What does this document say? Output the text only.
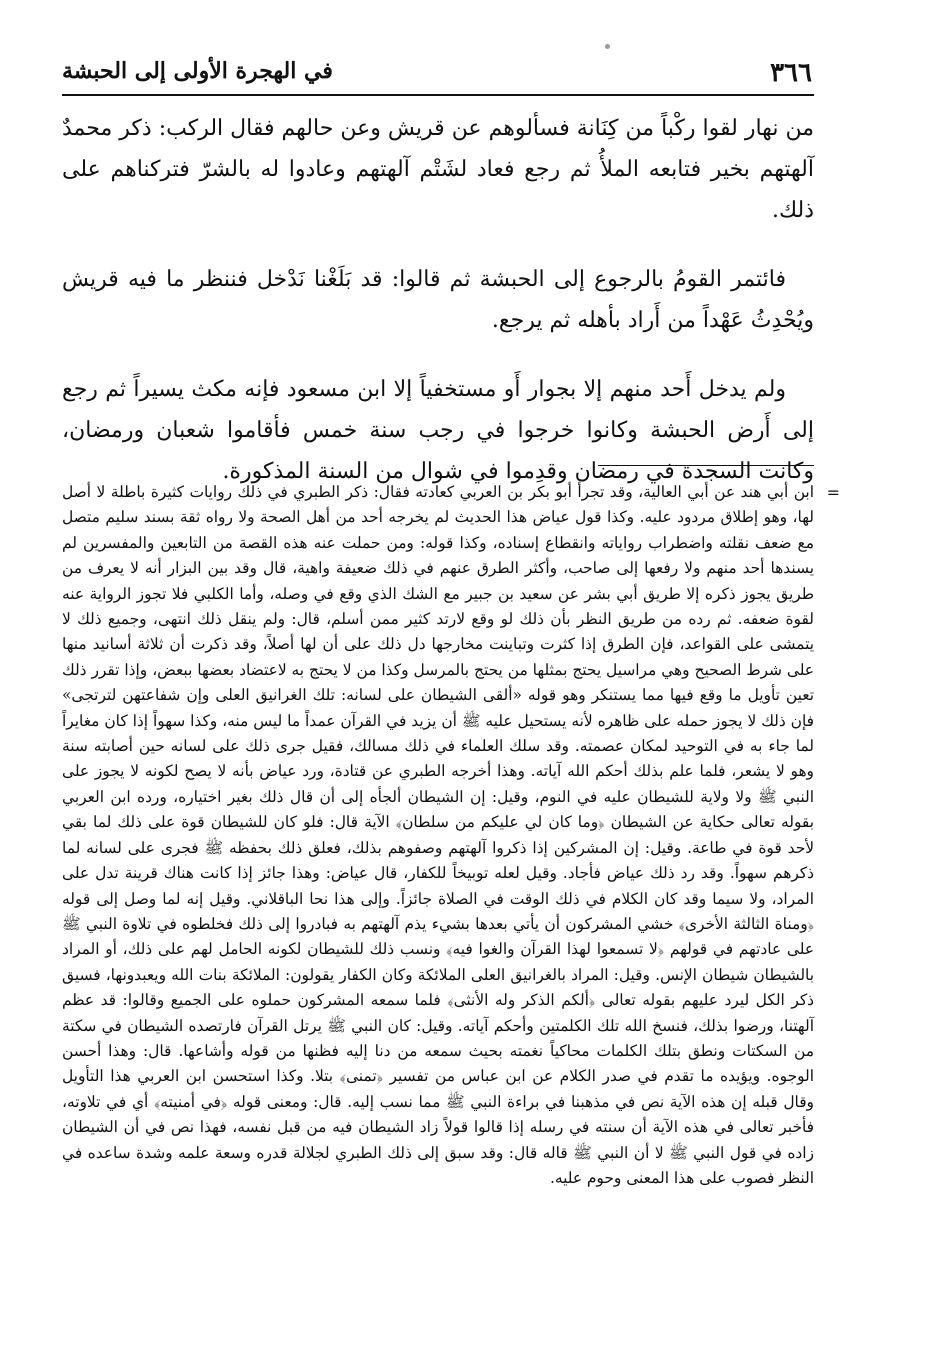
٣٦٦
في الهجرة الأولى إلى الحبشة

من نهار لقوا ركْباً من كِنَانة فسألوهم عن قريش وعن حالهم فقال الركب: ذكر محمدٌ آلهتهم بخير فتابعه الملأُ ثم رجع فعاد لشَتْم آلهتهم وعادوا له بالشرّ فتركناهم على ذلك.

فائتمر القومُ بالرجوع إلى الحبشة ثم قالوا: قد بَلَغْنا نَدْخل فننظر ما فيه قريش ويُحْدِثُ عَهْداً من أَراد بأهله ثم يرجع.

ولم يدخل أَحد منهم إلا بجوار أَو مستخفياً إلا ابن مسعود فإنه مكث يسيراً ثم رجع إلى أَرض الحبشة وكانوا خرجوا في رجب سنة خمس فأقاموا شعبان ورمضان، وكانت السجدة في رمضان وقدِموا في شوال من السنة المذكورة.

=

ابن أبي هند عن أبي العالية، وقد تجرأ أبو بكر بن العربي كعادته فقال: ذكر الطبري في ذلك روايات كثيرة باطلة لا أصل لها، وهو إطلاق مردود عليه. وكذا قول عياض هذا الحديث لم يخرجه أحد من أهل الصحة ولا رواه ثقة بسند سليم متصل مع ضعف نقلته واضطراب رواياته وانقطاع إسناده، وكذا قوله: ومن حملت عنه هذه القصة من التابعين والمفسرين لم يسندها أحد منهم ولا رفعها إلى صاحب، وأكثر الطرق عنهم في ذلك ضعيفة واهية، قال وقد بين البزار أنه لا يعرف من طريق يجوز ذكره إلا طريق أبي بشر عن سعيد بن جبير مع الشك الذي وقع في وصله، وأما الكلبي فلا تجوز الرواية عنه لقوة ضعفه. ثم رده من طريق النظر بأن ذلك لو وقع لارتد كثير ممن أسلم، قال: ولم ينقل ذلك انتهى، وجميع ذلك لا يتمشى على القواعد، فإن الطرق إذا كثرت وتباينت مخارجها دل ذلك على أن لها أصلاً، وقد ذكرت أن ثلاثة أسانيد منها على شرط الصحيح وهي مراسيل يحتج بمثلها من يحتج بالمرسل وكذا من لا يحتج به لاعتضاد بعضها ببعض، وإذا تقرر ذلك تعين تأويل ما وقع فيها مما يستنكر وهو قوله «ألقى الشيطان على لسانه: تلك الغرانيق العلى وإن شفاعتهن لترتجى» فإن ذلك لا يجوز حمله على ظاهره لأنه يستحيل عليه ﷺ أن يزيد في القرآن عمداً ما ليس منه، وكذا سهواً إذا كان مغايراً لما جاء به في التوحيد لمكان عصمته. وقد سلك العلماء في ذلك مسالك، فقيل جرى ذلك على لسانه حين أصابته سنة وهو لا يشعر، فلما علم بذلك أحكم الله آياته. وهذا أخرجه الطبري عن قتادة، ورد عياض بأنه لا يصح لكونه لا يجوز على النبي ﷺ ولا ولاية للشيطان عليه في النوم، وقيل: إن الشيطان ألجأه إلى أن قال ذلك بغير اختياره، ورده ابن العربي بقوله تعالى حكاية عن الشيطان ﴿وما كان لي عليكم من سلطان﴾ الآية قال: فلو كان للشيطان قوة على ذلك لما بقي لأحد قوة في طاعة. وقيل: إن المشركين إذا ذكروا آلهتهم وصفوهم بذلك، فعلق ذلك بحفظه ﷺ فجرى على لسانه لما ذكرهم سهواً. وقد رد ذلك عياض فأجاد. وقيل لعله توبيخاً للكفار، قال عياض: وهذا جائز إذا كانت هناك قرينة تدل على المراد، ولا سيما وقد كان الكلام في ذلك الوقت في الصلاة جائزاً. وإلى هذا نحا الباقلاني. وقيل إنه لما وصل إلى قوله ﴿ومناة الثالثة الأخرى﴾ خشي المشركون أن يأتي بعدها بشيء يذم آلهتهم به فبادروا إلى ذلك فخلطوه في تلاوة النبي ﷺ على عادتهم في قولهم ﴿لا تسمعوا لهذا القرآن والغوا فيه﴾ ونسب ذلك للشيطان لكونه الحامل لهم على ذلك، أو المراد بالشيطان شيطان الإنس. وقيل: المراد بالغرانيق العلى الملائكة وكان الكفار يقولون: الملائكة بنات الله ويعبدونها، فسيق ذكر الكل ليرد عليهم بقوله تعالى ﴿ألكم الذكر وله الأنثى﴾ فلما سمعه المشركون حملوه على الجميع وقالوا: قد عظم آلهتنا، ورضوا بذلك، فنسخ الله تلك الكلمتين وأحكم آياته. وقيل: كان النبي ﷺ يرتل القرآن فارتصده الشيطان في سكتة من السكتات ونطق بتلك الكلمات محاكياً نغمته بحيث سمعه من دنا إليه فظنها من قوله وأشاعها. قال: وهذا أحسن الوجوه. ويؤيده ما تقدم في صدر الكلام عن ابن عباس من تفسير ﴿تمنى﴾ بتلا. وكذا استحسن ابن العربي هذا التأويل وقال قبله إن هذه الآية نص في مذهبنا في براءة النبي ﷺ مما نسب إليه. قال: ومعنى قوله ﴿في أمنيته﴾ أي في تلاوته، فأخبر تعالى في هذه الآية أن سنته في رسله إذا قالوا قولاً زاد الشيطان فيه من قبل نفسه، فهذا نص في أن الشيطان زاده في قول النبي ﷺ لا أن النبي ﷺ قاله قال: وقد سبق إلى ذلك الطبري لجلالة قدره وسعة علمه وشدة ساعده في النظر فصوب على هذا المعنى وحوم عليه.
